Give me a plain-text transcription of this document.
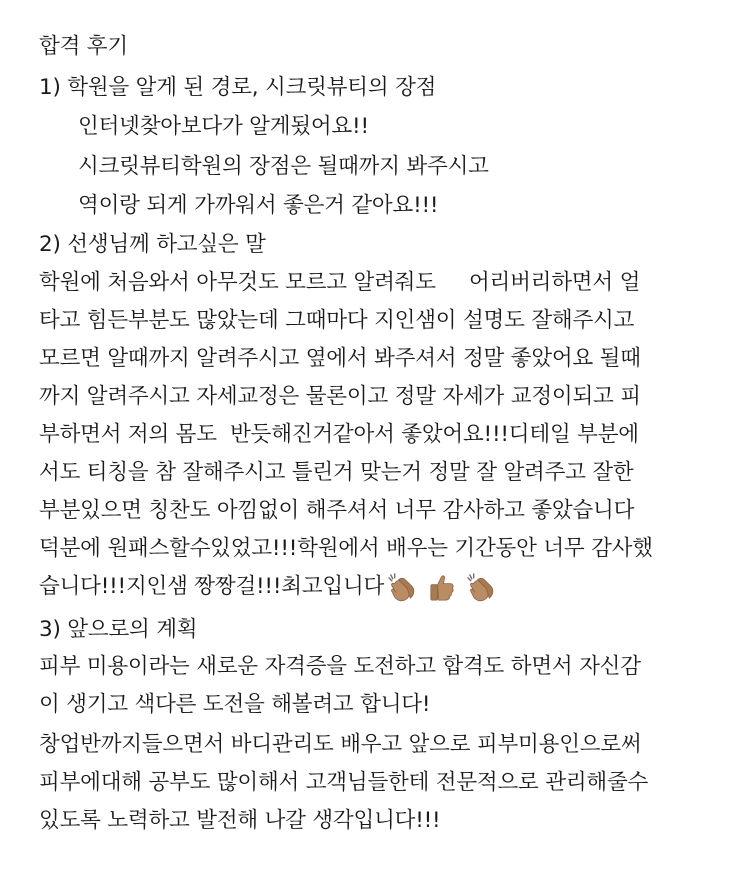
합격 후기
1) 학원을 알게 된 경로, 시크릿뷰티의 장점
인터넷찾아보다가 알게됬어요!!
시크릿뷰티학원의 장점은 될때까지 봐주시고
역이랑 되게 가까워서 좋은거 같아요!!!
2) 선생님께 하고싶은 말
학원에 처음와서 아무것도 모르고 알려줘도     어리버리하면서 얼
타고 힘든부분도 많았는데 그때마다 지인샘이 설명도 잘해주시고
모르면 알때까지 알려주시고 옆에서 봐주셔서 정말 좋았어요 될때
까지 알려주시고 자세교정은 물론이고 정말 자세가 교정이되고 피
부하면서 저의 몸도  반듯해진거같아서 좋았어요!!!디테일 부분에
서도 티칭을 참 잘해주시고 틀린거 맞는거 정말 잘 알려주고 잘한
부분있으면 칭찬도 아낌없이 해주셔서 너무 감사하고 좋았습니다
덕분에 원패스할수있었고!!!학원에서 배우는 기간동안 너무 감사했
습니다!!!지인샘 짱짱걸!!!최고입니다
3) 앞으로의 계획
피부 미용이라는 새로운 자격증을 도전하고 합격도 하면서 자신감
이 생기고 색다른 도전을 해볼려고 합니다!
창업반까지들으면서 바디관리도 배우고 앞으로 피부미용인으로써
피부에대해 공부도 많이해서 고객님들한테 전문적으로 관리해줄수
있도록 노력하고 발전해 나갈 생각입니다!!!
